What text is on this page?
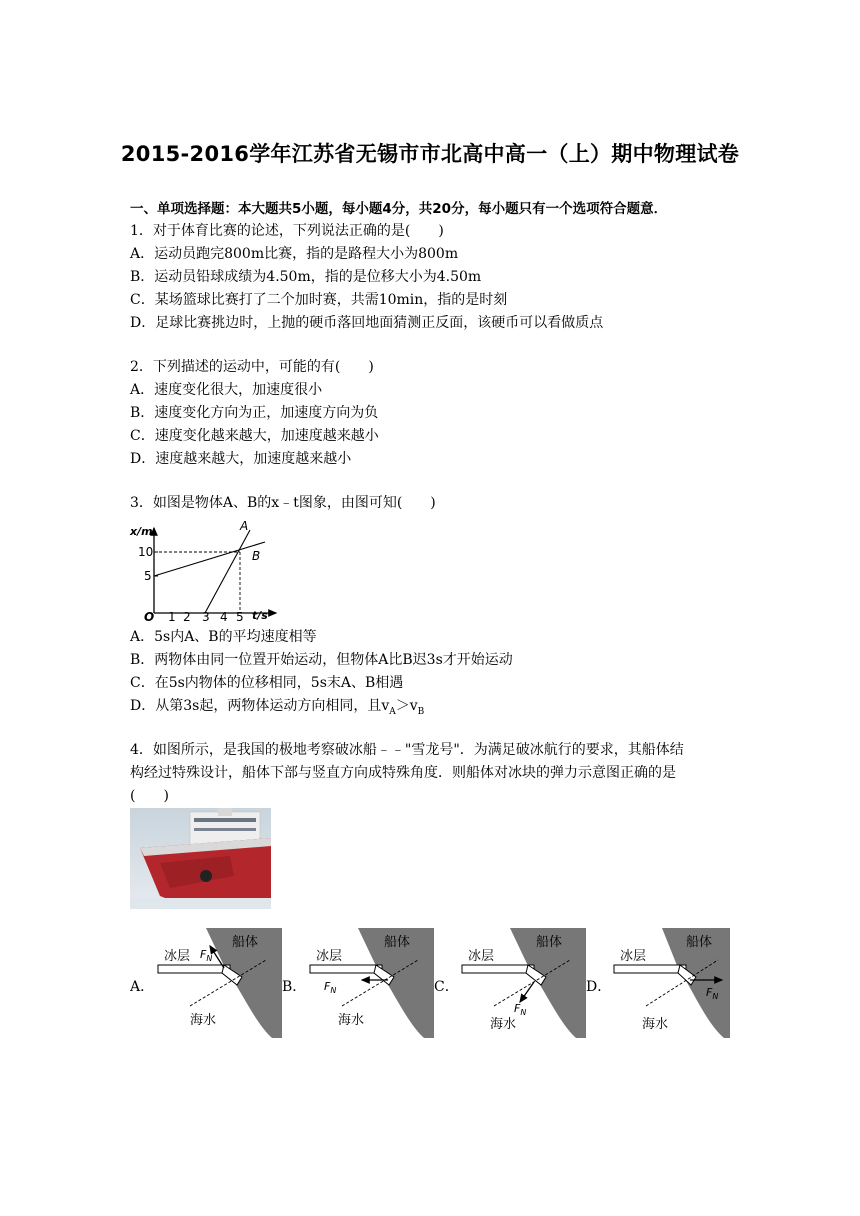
2015-2016学年江苏省无锡市市北高中高一（上）期中物理试卷
一、单项选择题：本大题共5小题，每小题4分，共20分，每小题只有一个选项符合题意．
1．对于体育比赛的论述，下列说法正确的是(　　)
A．运动员跑完800m比赛，指的是路程大小为800m
B．运动员铅球成绩为4.50m，指的是位移大小为4.50m
C．某场篮球比赛打了二个加时赛，共需10min，指的是时刻
D．足球比赛挑边时，上抛的硬币落回地面猜测正反面，该硬币可以看做质点
2．下列描述的运动中，可能的有(　　)
A．速度变化很大，加速度很小
B．速度变化方向为正，加速度方向为负
C．速度变化越来越大，加速度越来越小
D．速度越来越大，加速度越来越小
3．如图是物体A、B的x﹣t图象，由图可知(　　)
x/m
10
5
O 1 2 3 4 5 t/s
A
B
A．5s内A、B的平均速度相等
B．两物体由同一位置开始运动，但物体A比B迟3s才开始运动
C．在5s内物体的位移相同，5s末A、B相遇
D．从第3s起，两物体运动方向相同，且$v_A>v_B$
4．如图所示，是我国的极地考察破冰船﹣﹣"雪龙号"．为满足破冰航行的要求，其船体结
构经过特殊设计，船体下部与竖直方向成特殊角度．则船体对冰块的弹力示意图正确的是
(　　)
A．	B．	C．	D．
船体
冰层 $F_N$
海水
船体
冰层
$F_N$
海水
船体
冰层
$F_N$
海水
船体
冰层
$F_N$
海水
